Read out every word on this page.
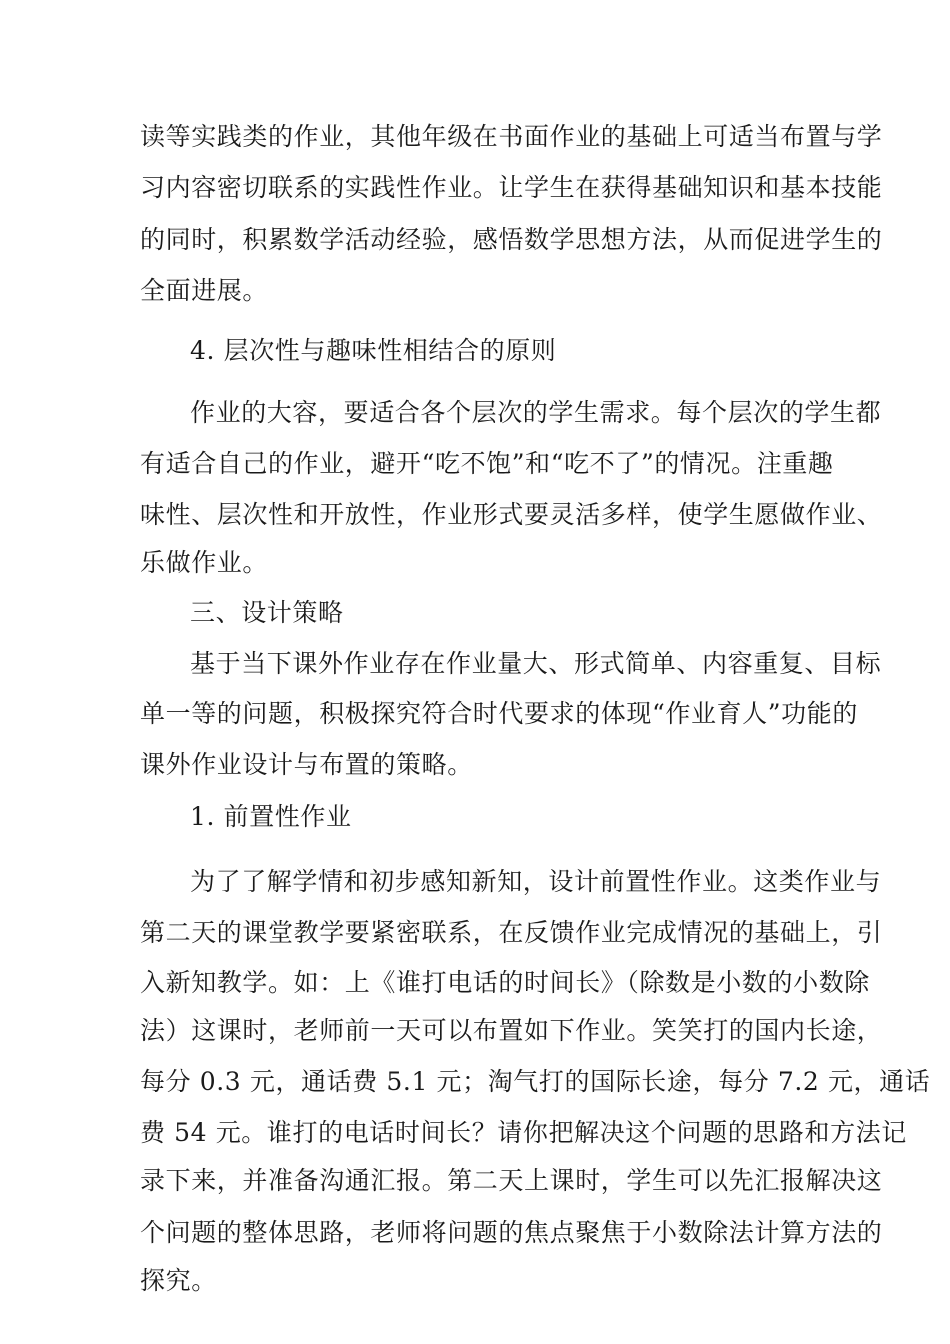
读等实践类的作业，其他年级在书面作业的基础上可适当布置与学
习内容密切联系的实践性作业。让学生在获得基础知识和基本技能
的同时，积累数学活动经验，感悟数学思想方法，从而促进学生的
全面进展。
4. 层次性与趣味性相结合的原则
作业的大容，要适合各个层次的学生需求。每个层次的学生都
有适合自己的作业，避开“吃不饱”和“吃不了”的情况。注重趣
味性、层次性和开放性，作业形式要灵活多样，使学生愿做作业、
乐做作业。
三、设计策略
基于当下课外作业存在作业量大、形式简单、内容重复、目标
单一等的问题，积极探究符合时代要求的体现“作业育人”功能的
课外作业设计与布置的策略。
1. 前置性作业
为了了解学情和初步感知新知，设计前置性作业。这类作业与
第二天的课堂教学要紧密联系，在反馈作业完成情况的基础上，引
入新知教学。如：上《谁打电话的时间长》（除数是小数的小数除
法）这课时，老师前一天可以布置如下作业。笑笑打的国内长途，
每分 0.3 元，通话费 5.1 元；淘气打的国际长途，每分 7.2 元，通话
费 54 元。谁打的电话时间长？请你把解决这个问题的思路和方法记
录下来，并准备沟通汇报。第二天上课时，学生可以先汇报解决这
个问题的整体思路，老师将问题的焦点聚焦于小数除法计算方法的
探究。
